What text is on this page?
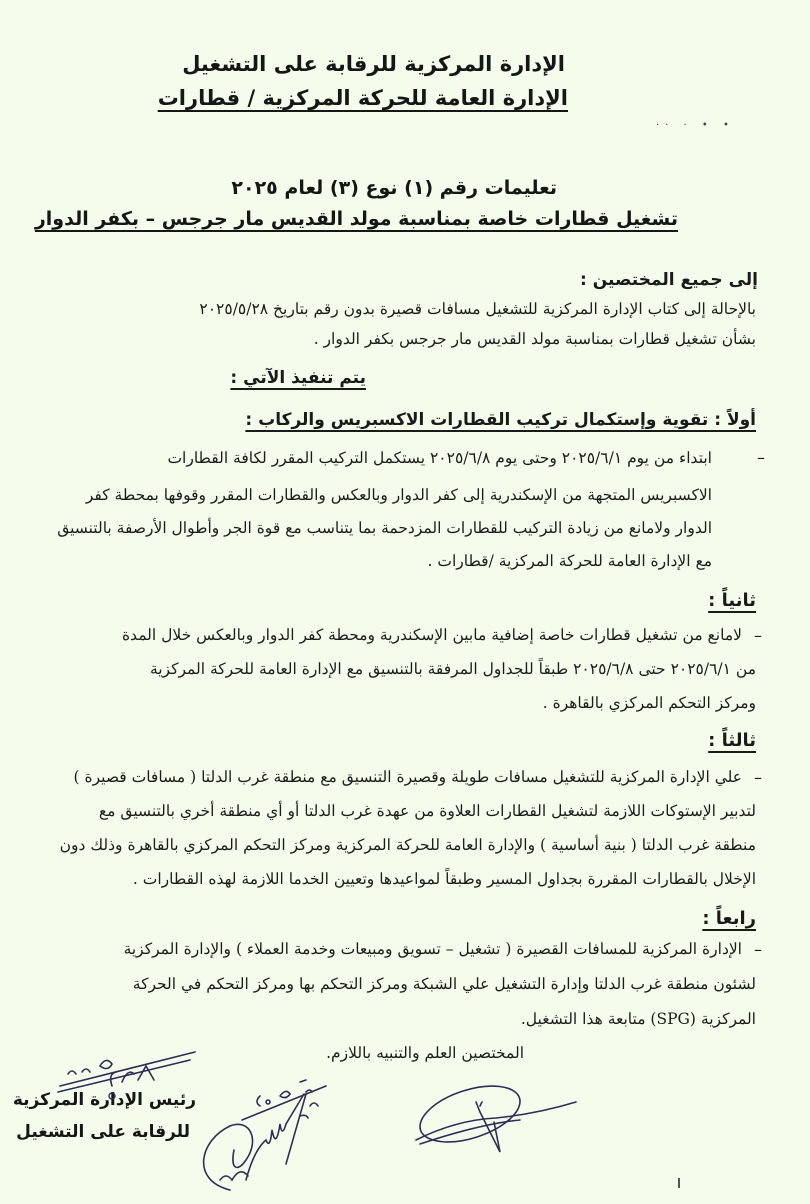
الإدارة المركزية للرقابة على التشغيل
الإدارة العامة للحركة المركزية / قطارات
• • · ··
تعليمات رقم (١) نوع (٣) لعام ٢٠٢٥
تشغيل قطارات خاصة بمناسبة مولد القديس مار جرجس – بكفر الدوار
إلى جميع المختصين :
بالإحالة إلى كتاب الإدارة المركزية للتشغيل مسافات قصيرة بدون رقم بتاريخ ٢٠٢٥/٥/٢٨
بشأن تشغيل قطارات بمناسبة مولد القديس مار جرجس بكفر الدوار .
يتم تنفيذ الآتي :
أولاً : تقوية وإستكمال تركيب القطارات الاكسبريس والركاب :
–
ابتداء من يوم ٢٠٢٥/٦/١ وحتى يوم ٢٠٢٥/٦/٨ يستكمل التركيب المقرر لكافة القطارات
الاكسبريس المتجهة من الإسكندرية إلى كفر الدوار وبالعكس والقطارات المقرر وقوفها بمحطة كفر
الدوار ولامانع من زيادة التركيب للقطارات المزدحمة بما يتناسب مع قوة الجر وأطوال الأرصفة بالتنسيق
مع الإدارة العامة للحركة المركزية /قطارات .
ثانياً :
–
لامانع من تشغيل قطارات خاصة إضافية مابين الإسكندرية ومحطة كفر الدوار وبالعكس خلال المدة
من ٢٠٢٥/٦/١ حتى ٢٠٢٥/٦/٨ طبقاً للجداول المرفقة بالتنسيق مع الإدارة العامة للحركة المركزية
ومركز التحكم المركزي بالقاهرة .
ثالثاً :
–
علي الإدارة المركزية للتشغيل مسافات طويلة وقصيرة التنسيق مع منطقة غرب الدلتا ( مسافات قصيرة )
لتدبير الإستوكات اللازمة لتشغيل القطارات العلاوة من عهدة غرب الدلتا أو أي منطقة أخري بالتنسيق مع
منطقة غرب الدلتا ( بنية أساسية ) والإدارة العامة للحركة المركزية ومركز التحكم المركزي بالقاهرة وذلك دون
الإخلال بالقطارات المقررة بجداول المسير وطبقاً لمواعيدها وتعيين الخدما اللازمة لهذه القطارات .
رابعاً :
–
الإدارة المركزية للمسافات القصيرة ( تشغيل – تسويق ومبيعات وخدمة العملاء ) والإدارة المركزية
لشئون منطقة غرب الدلتا وإدارة التشغيل علي الشبكة ومركز التحكم بها ومركز التحكم في الحركة
المركزية (SPG) متابعة هذا التشغيل.
المختصين العلم والتنبيه باللازم.
رئيس الإدارة المركزية
للرقابة على التشغيل
